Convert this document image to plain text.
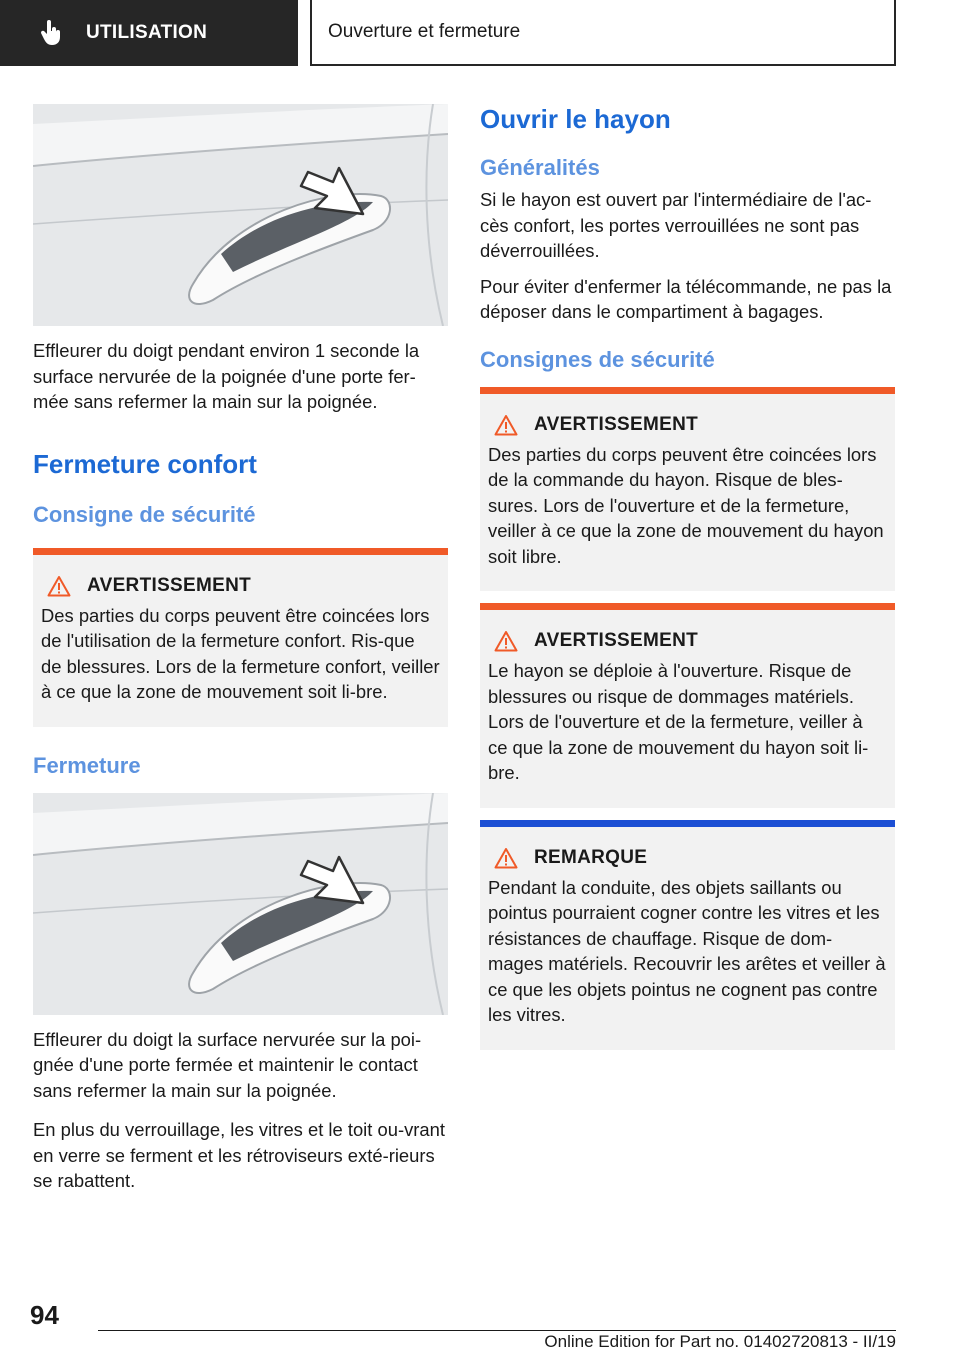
UTILISATION	Ouverture et fermeture

Effleurer du doigt pendant environ 1 seconde la surface nervurée de la poignée d'une porte fer-mée sans refermer la main sur la poignée.

Fermeture confort
Consigne de sécurité
AVERTISSEMENT

Des parties du corps peuvent être coincées lors de l'utilisation de la fermeture confort. Ris-que de blessures. Lors de la fermeture confort, veiller à ce que la zone de mouvement soit li-bre.

Fermeture

Effleurer du doigt la surface nervurée sur la poi-gnée d'une porte fermée et maintenir le contact sans refermer la main sur la poignée.

En plus du verrouillage, les vitres et le toit ou-vrant en verre se ferment et les rétroviseurs exté-rieurs se rabattent.

Ouvrir le hayon
Généralités

Si le hayon est ouvert par l'intermédiaire de l'ac-cès confort, les portes verrouillées ne sont pas déverrouillées.

Pour éviter d'enfermer la télécommande, ne pas la déposer dans le compartiment à bagages.

Consignes de sécurité
AVERTISSEMENT

Des parties du corps peuvent être coincées lors de la commande du hayon. Risque de bles-sures. Lors de l'ouverture et de la fermeture, veiller à ce que la zone de mouvement du hayon soit libre.

AVERTISSEMENT

Le hayon se déploie à l'ouverture. Risque de blessures ou risque de dommages matériels. Lors de l'ouverture et de la fermeture, veiller à ce que la zone de mouvement du hayon soit li-bre.

REMARQUE

Pendant la conduite, des objets saillants ou pointus pourraient cogner contre les vitres et les résistances de chauffage. Risque de dom-mages matériels. Recouvrir les arêtes et veiller à ce que les objets pointus ne cognent pas contre les vitres.

94
Online Edition for Part no. 01402720813 - II/19
